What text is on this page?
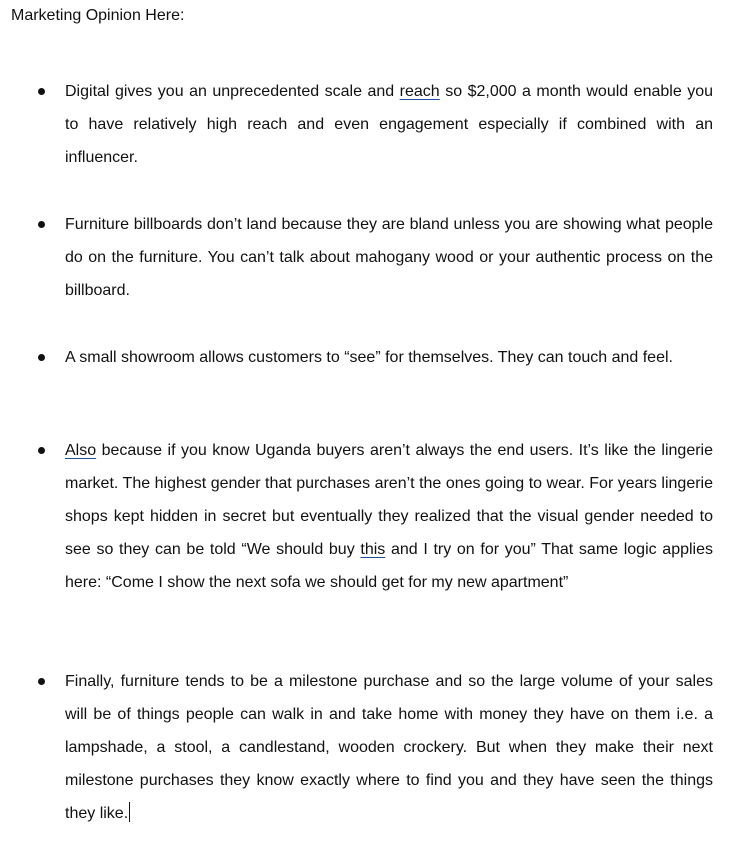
Marketing Opinion Here:

Digital gives you an unprecedented scale and reach so $2,000 a month would enable you to have relatively high reach and even engagement especially if combined with an influencer.

Furniture billboards don’t land because they are bland unless you are showing what people do on the furniture. You can’t talk about mahogany wood or your authentic process on the billboard.

A small showroom allows customers to “see” for themselves. They can touch and feel.

Also because if you know Uganda buyers aren’t always the end users. It’s like the lingerie market. The highest gender that purchases aren’t the ones going to wear. For years lingerie shops kept hidden in secret but eventually they realized that the visual gender needed to see so they can be told “We should buy this and I try on for you” That same logic applies here: “Come I show the next sofa we should get for my new apartment”

Finally, furniture tends to be a milestone purchase and so the large volume of your sales will be of things people can walk in and take home with money they have on them i.e. a lampshade, a stool, a candlestand, wooden crockery. But when they make their next milestone purchases they know exactly where to find you and they have seen the things they like.
